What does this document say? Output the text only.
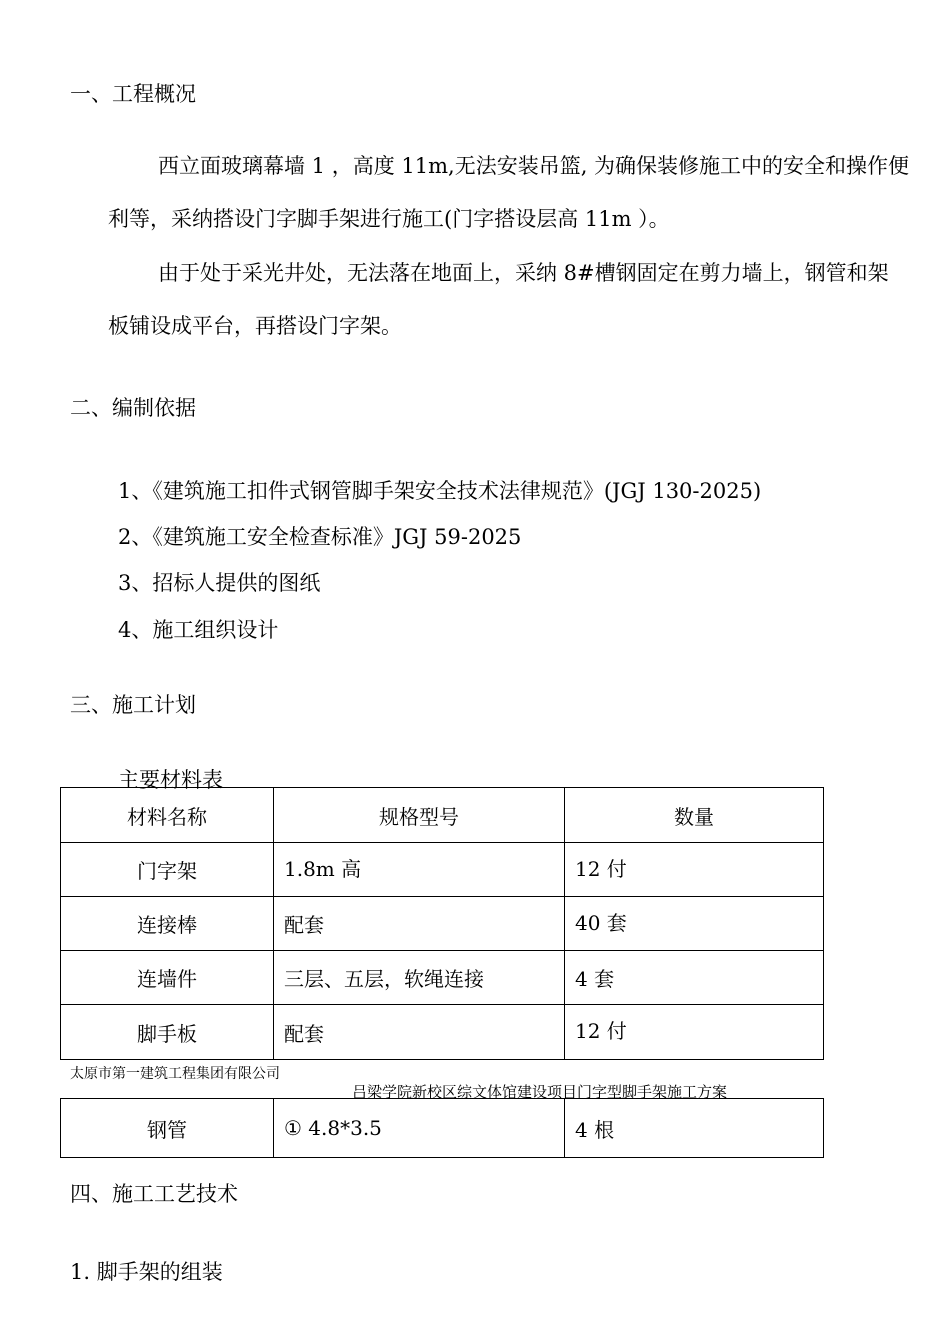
一、工程概况
西立面玻璃幕墙 1 ，高度 11m,无法安装吊篮, 为确保装修施工中的安全和操作便
利等，采纳搭设门字脚手架进行施工(门字搭设层高 11m ）。
由于处于采光井处，无法落在地面上，采纳 8#槽钢固定在剪力墙上，钢管和架
板铺设成平台，再搭设门字架。
二、编制依据
1、《建筑施工扣件式钢管脚手架安全技术法律规范》(JGJ 130-2025)
2、《建筑施工安全检查标准》JGJ 59-2025
3、招标人提供的图纸
4、施工组织设计
三、施工计划
主要材料表
材料名称	规格型号	数量
门字架	1.8m 高	12 付
连接棒	配套	40 套
连墙件	三层、五层，软绳连接	4 套
脚手板	配套	12 付
太原市第一建筑工程集团有限公司
吕梁学院新校区综文体馆建设项目门字型脚手架施工方案
钢管	① 4.8*3.5	4 根
四、施工工艺技术
1. 脚手架的组装
